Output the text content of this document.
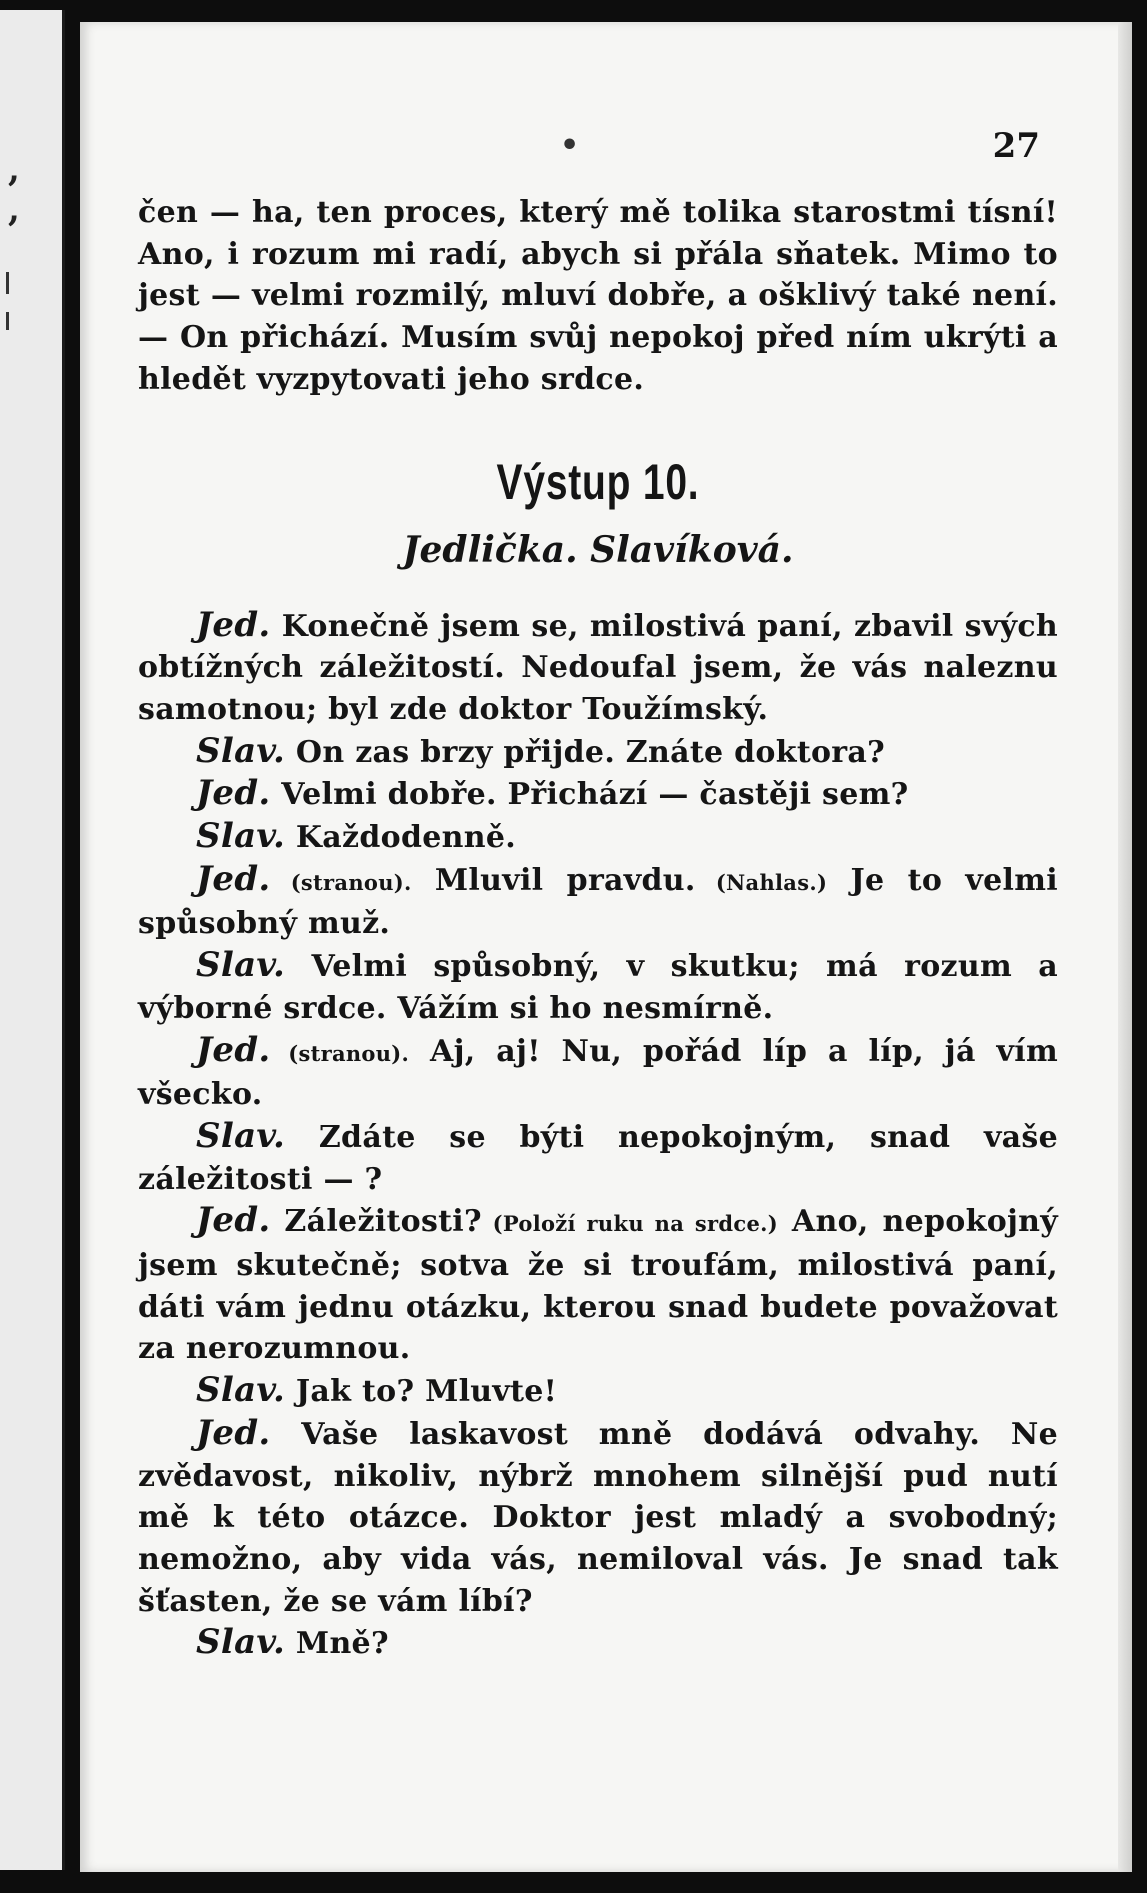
,
,
•	27

čen — ha, ten proces, který mě tolika starostmi tísní! Ano, i rozum mi radí, abych si přála sňatek. Mimo to jest — velmi rozmilý, mluví dobře, a ošklivý také není. — On přichází. Musím svůj nepokoj před ním ukrýti a hledět vyzpytovati jeho srdce.

Výstup 10.
Jedlička. Slavíková.

Jed. Konečně jsem se, milostivá paní, zbavil svých obtížných záležitostí. Nedoufal jsem, že vás naleznu samotnou; byl zde doktor Toužímský.

Slav. On zas brzy přijde. Znáte doktora?

Jed. Velmi dobře. Přichází — častěji sem?

Slav. Každodenně.

Jed. (stranou). Mluvil pravdu. (Nahlas.) Je to velmi spůsobný muž.

Slav. Velmi spůsobný, v skutku; má rozum a výborné srdce. Vážím si ho nesmírně.

Jed. (stranou). Aj, aj! Nu, pořád líp a líp, já vím všecko.

Slav. Zdáte se býti nepokojným, snad vaše záležitosti — ?

Jed. Záležitosti? (Položí ruku na srdce.) Ano, nepokojný jsem skutečně; sotva že si troufám, milostivá paní, dáti vám jednu otázku, kterou snad budete považovat za nerozumnou.

Slav. Jak to? Mluvte!

Jed. Vaše laskavost mně dodává odvahy. Ne zvědavost, nikoliv, nýbrž mnohem silnější pud nutí mě k této otázce. Doktor jest mladý a svobodný; nemožno, aby vida vás, nemiloval vás. Je snad tak šťasten, že se vám líbí?

Slav. Mně?
